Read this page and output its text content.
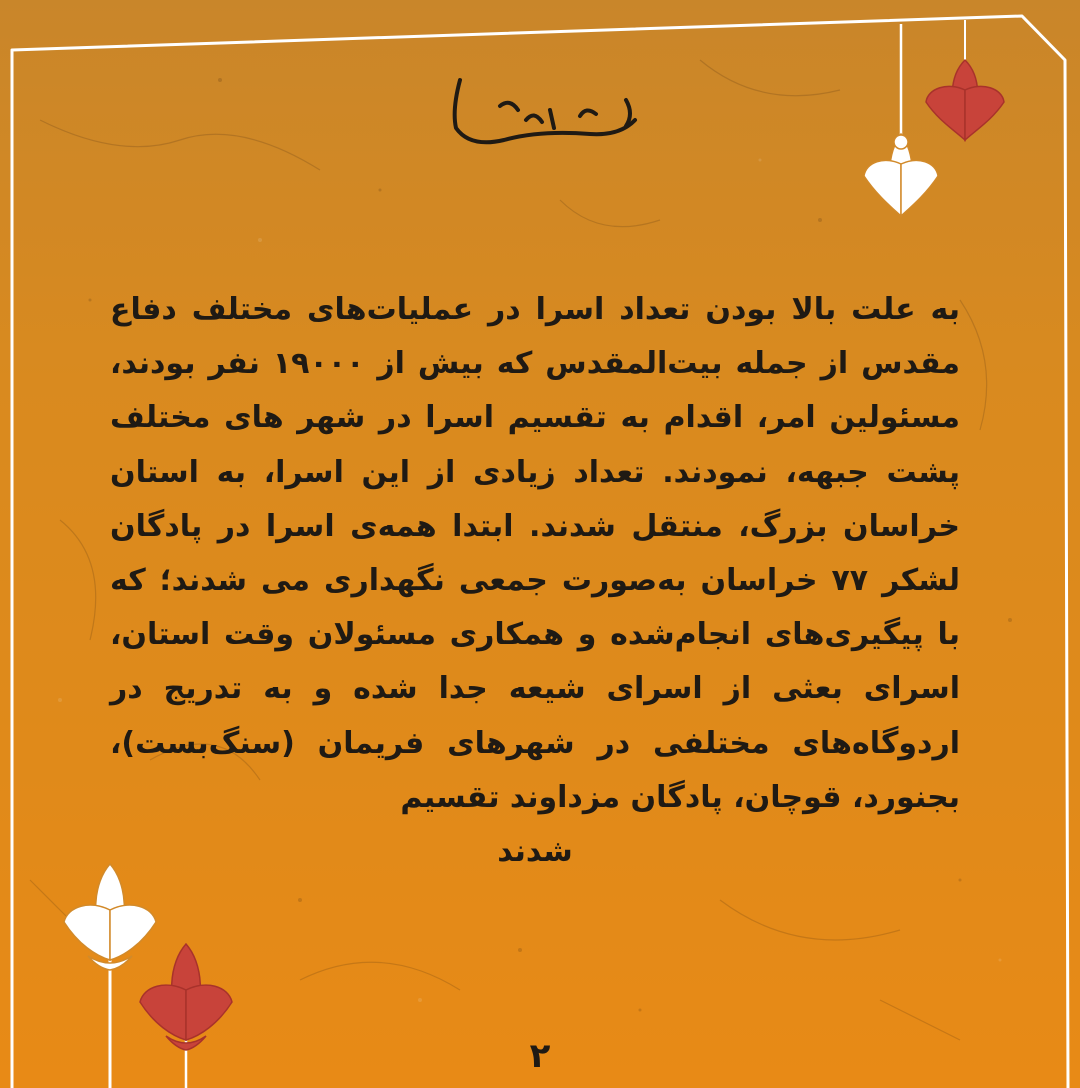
رضافرستادگان
به علت بالا بودن تعداد اسرا در عملیات‌های مختلف دفاع مقدس از جمله بیت‌المقدس که بیش از ۱۹۰۰۰ نفر بودند، مسئولین امر، اقدام به تقسیم اسرا در شهر های مختلف پشت جبهه، نمودند. تعداد زیادی از این اسرا، به استان خراسان بزرگ، منتقل شدند. ابتدا همه‌ی اسرا در پادگان لشکر ۷۷ خراسان به‌صورت جمعی نگهداری می شدند؛ که با پیگیری‌های انجام‌شده و همکاری مسئولان وقت استان، اسرای بعثی از اسرای شیعه جدا شده و به تدریج در اردوگاه‌های مختلفی در شهرهای فریمان (سنگ‌بست)، بجنورد، قوچان، پادگان مزداوند تقسیم
شدند
۲
